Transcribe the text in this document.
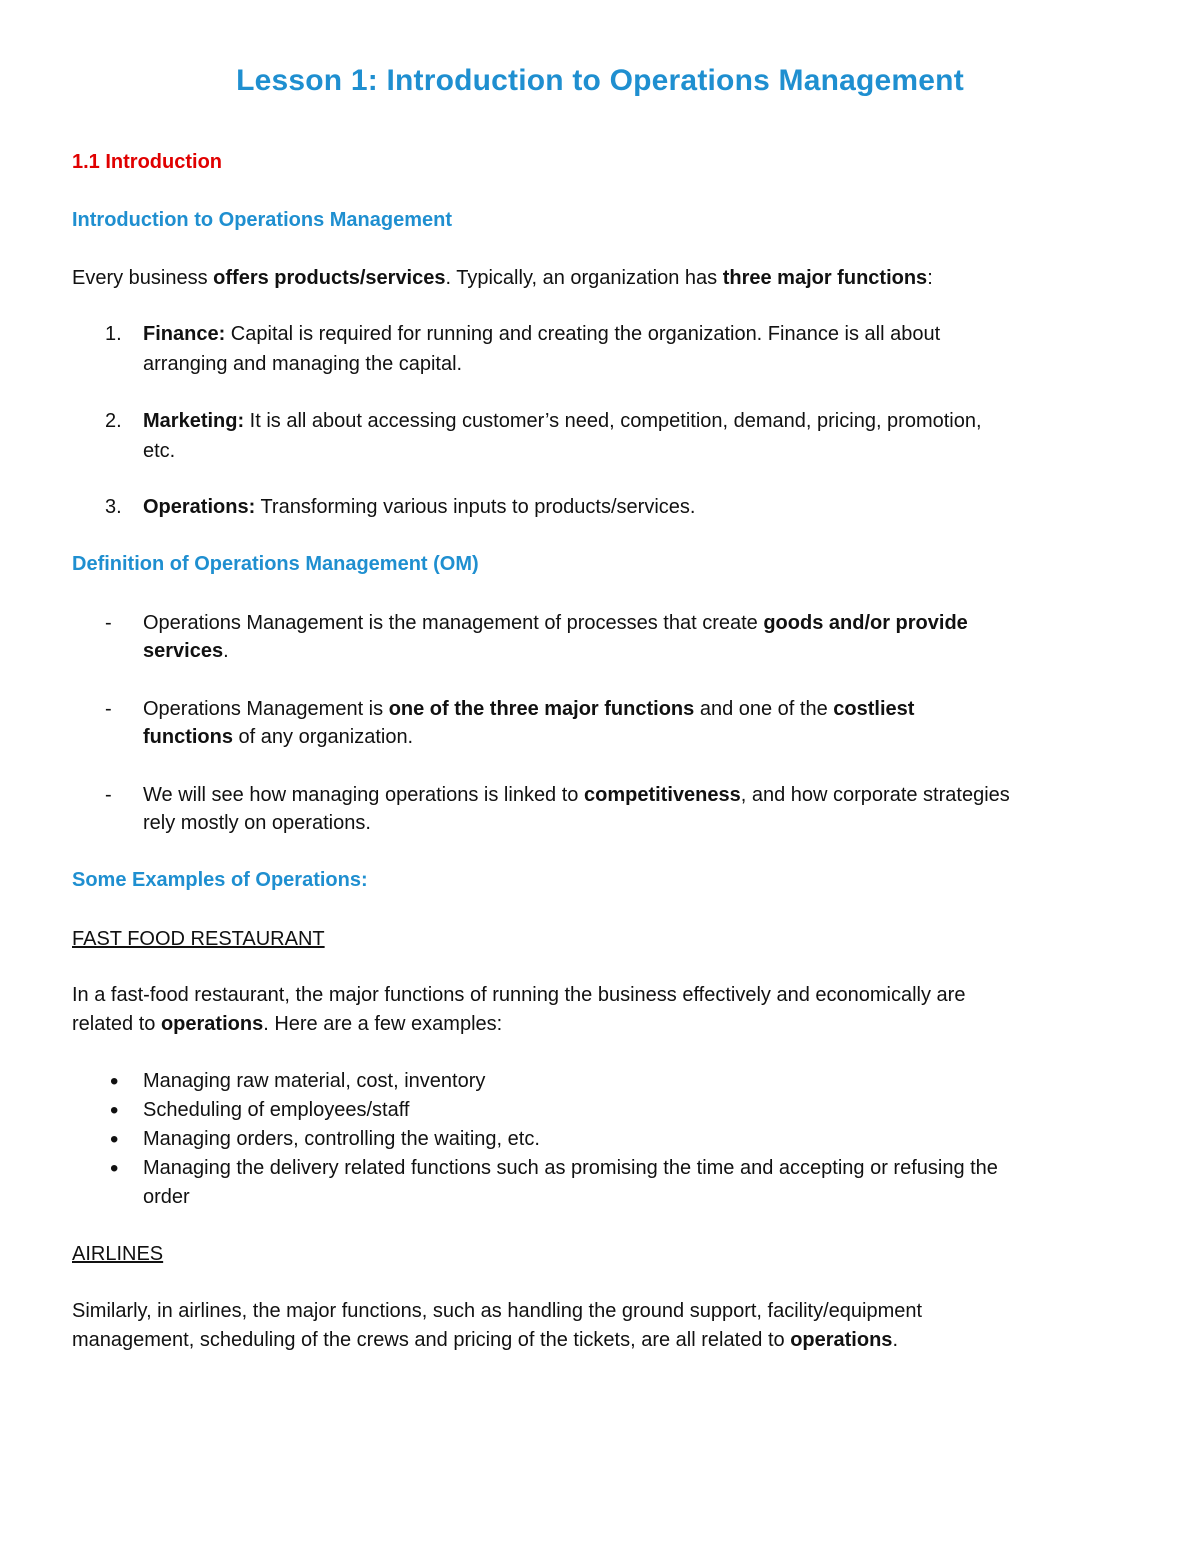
Lesson 1: Introduction to Operations Management
1.1 Introduction
Introduction to Operations Management
Every business offers products/services. Typically, an organization has three major functions:
1. Finance: Capital is required for running and creating the organization. Finance is all about
arranging and managing the capital.
2. Marketing: It is all about accessing customer’s need, competition, demand, pricing, promotion,
etc.
3. Operations: Transforming various inputs to products/services.
Definition of Operations Management (OM)
- Operations Management is the management of processes that create goods and/or provide
services.
- Operations Management is one of the three major functions and one of the costliest
functions of any organization.
- We will see how managing operations is linked to competitiveness, and how corporate strategies
rely mostly on operations.
Some Examples of Operations:
FAST FOOD RESTAURANT
In a fast-food restaurant, the major functions of running the business effectively and economically are
related to operations. Here are a few examples:
• Managing raw material, cost, inventory
• Scheduling of employees/staff
• Managing orders, controlling the waiting, etc.
• Managing the delivery related functions such as promising the time and accepting or refusing the
order
AIRLINES
Similarly, in airlines, the major functions, such as handling the ground support, facility/equipment
management, scheduling of the crews and pricing of the tickets, are all related to operations.
